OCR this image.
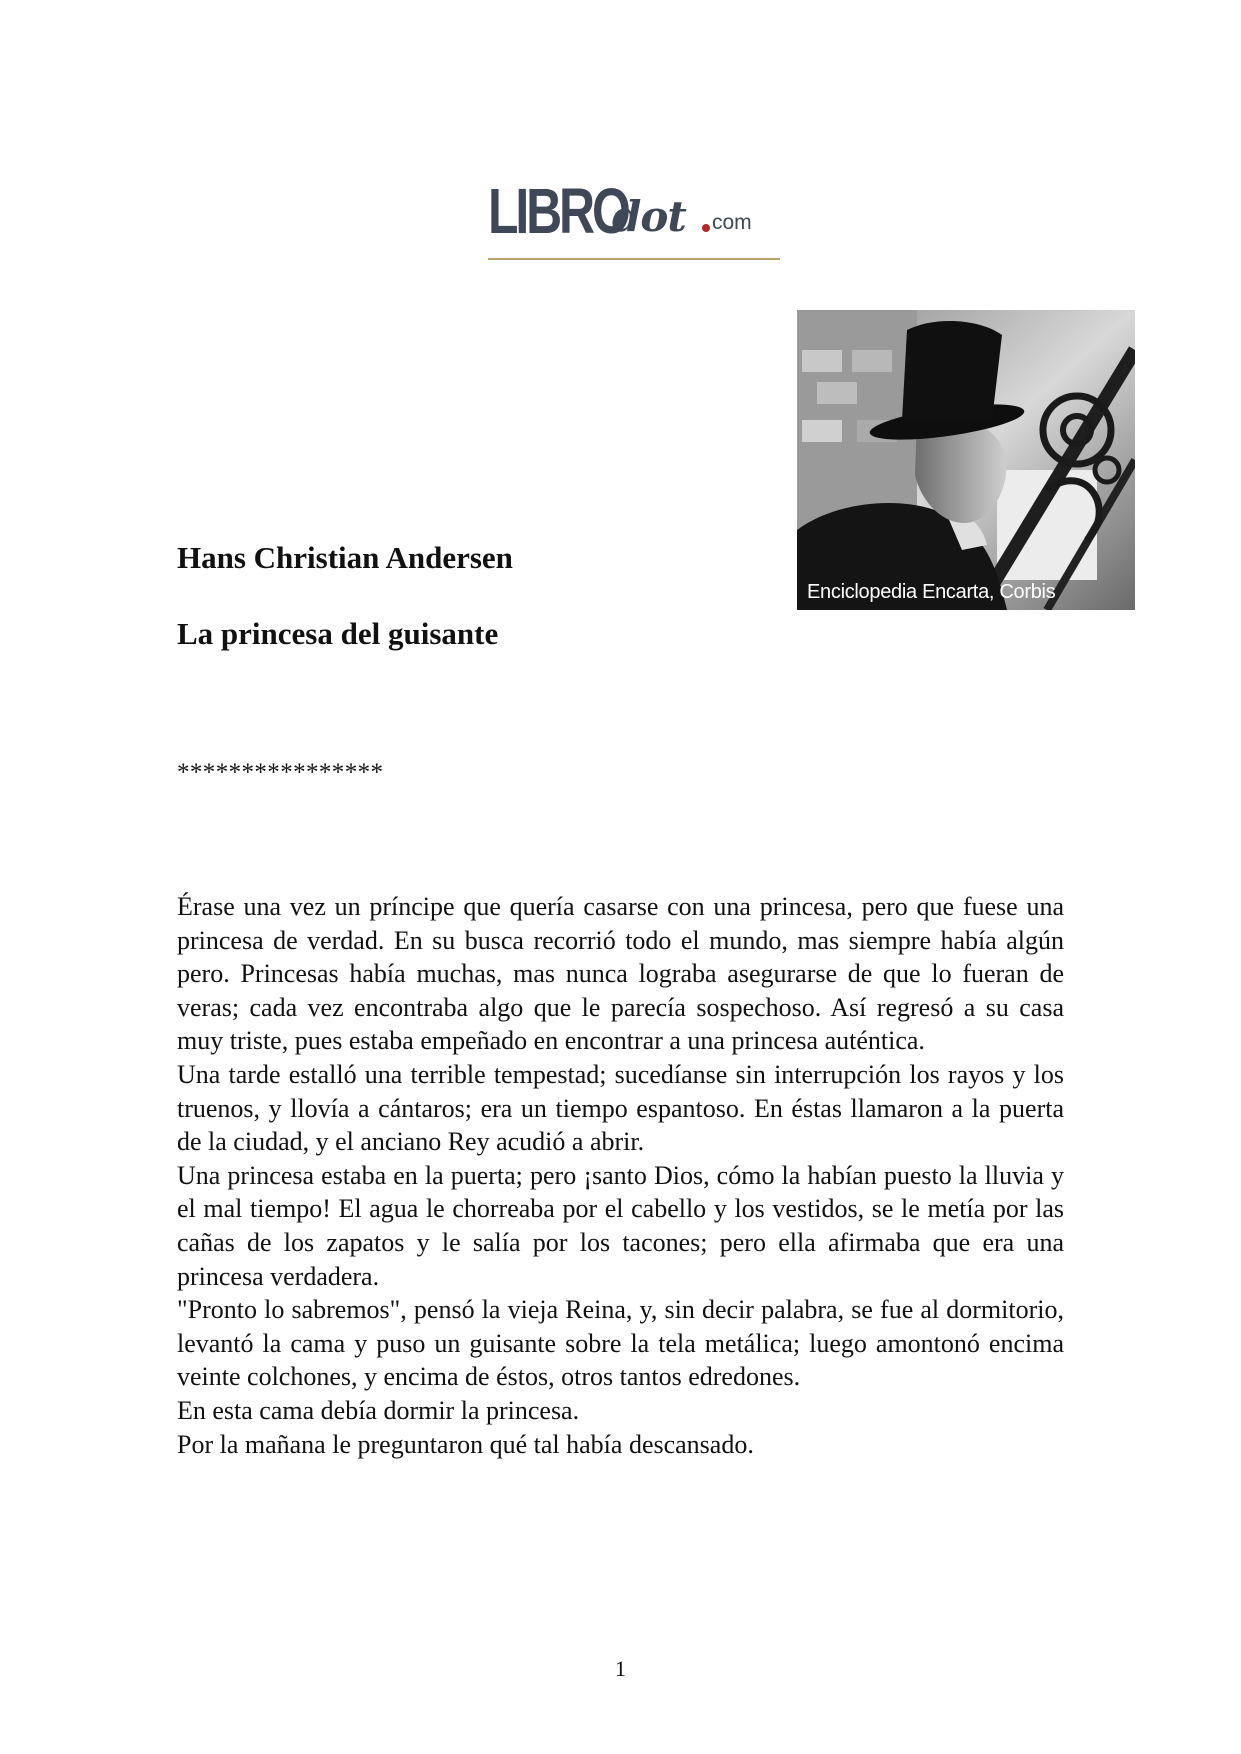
LIBRO
dot com
Enciclopedia Encarta, Corbis
Hans Christian Andersen
La princesa del guisante
****************

Érase una vez un príncipe que quería casarse con una princesa, pero que fuese una princesa de verdad. En su busca recorrió todo el mundo, mas siempre había algún pero. Princesas había muchas, mas nunca lograba asegurarse de que lo fueran de veras; cada vez encontraba algo que le parecía sospechoso. Así regresó a su casa muy triste, pues estaba empeñado en encontrar a una princesa auténtica.

Una tarde estalló una terrible tempestad; sucedíanse sin interrupción los rayos y los truenos, y llovía a cántaros; era un tiempo espantoso. En éstas llamaron a la puerta de la ciudad, y el anciano Rey acudió a abrir.

Una princesa estaba en la puerta; pero ¡santo Dios, cómo la habían puesto la lluvia y el mal tiempo! El agua le chorreaba por el cabello y los vestidos, se le metía por las cañas de los zapatos y le salía por los tacones; pero ella afirmaba que era una princesa verdadera.

"Pronto lo sabremos", pensó la vieja Reina, y, sin decir palabra, se fue al dormitorio, levantó la cama y puso un guisante sobre la tela metálica; luego amontonó encima veinte colchones, y encima de éstos, otros tantos edredones.

En esta cama debía dormir la princesa.

Por la mañana le preguntaron qué tal había descansado.

1
